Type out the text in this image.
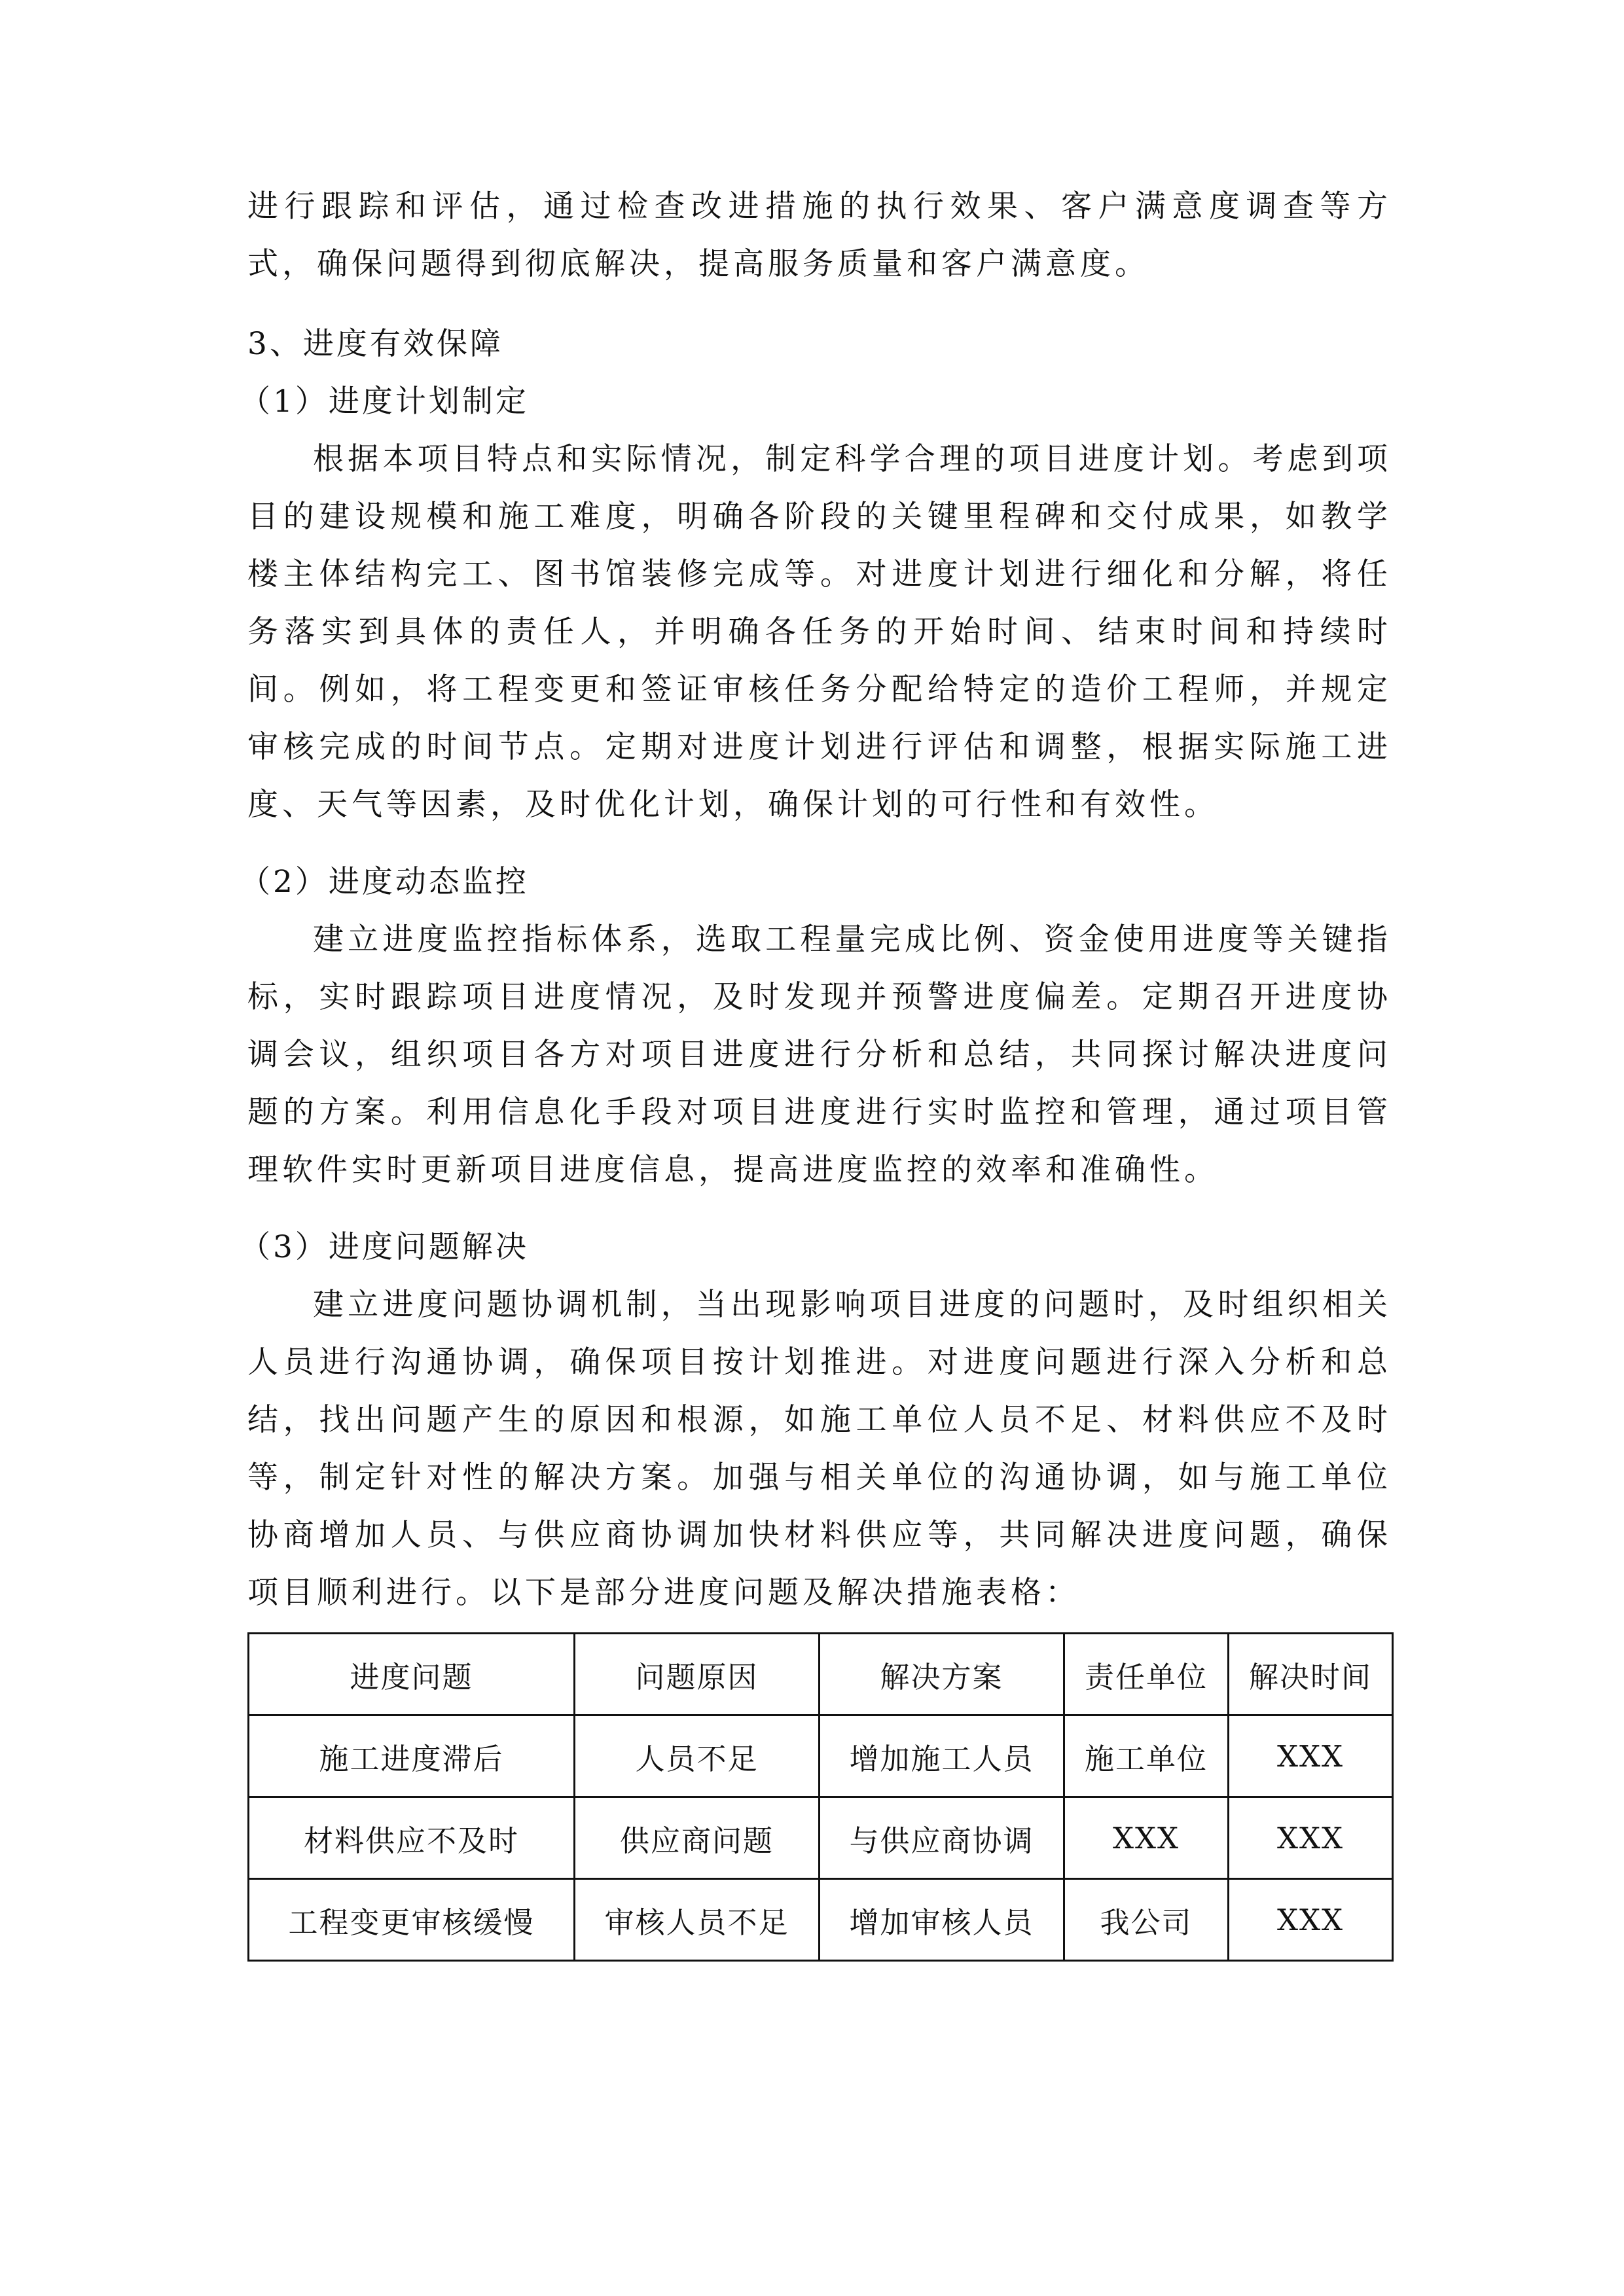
进行跟踪和评估，通过检查改进措施的执行效果、客户满意度调查等方式，确保问题得到彻底解决，提高服务质量和客户满意度。

3、进度有效保障

（1）进度计划制定

根据本项目特点和实际情况，制定科学合理的项目进度计划。考虑到项目的建设规模和施工难度，明确各阶段的关键里程碑和交付成果，如教学楼主体结构完工、图书馆装修完成等。对进度计划进行细化和分解，将任务落实到具体的责任人，并明确各任务的开始时间、结束时间和持续时间。例如，将工程变更和签证审核任务分配给特定的造价工程师，并规定审核完成的时间节点。定期对进度计划进行评估和调整，根据实际施工进度、天气等因素，及时优化计划，确保计划的可行性和有效性。

（2）进度动态监控

建立进度监控指标体系，选取工程量完成比例、资金使用进度等关键指标，实时跟踪项目进度情况，及时发现并预警进度偏差。定期召开进度协调会议，组织项目各方对项目进度进行分析和总结，共同探讨解决进度问题的方案。利用信息化手段对项目进度进行实时监控和管理，通过项目管理软件实时更新项目进度信息，提高进度监控的效率和准确性。

（3）进度问题解决

建立进度问题协调机制，当出现影响项目进度的问题时，及时组织相关人员进行沟通协调，确保项目按计划推进。对进度问题进行深入分析和总结，找出问题产生的原因和根源，如施工单位人员不足、材料供应不及时等，制定针对性的解决方案。加强与相关单位的沟通协调，如与施工单位协商增加人员、与供应商协调加快材料供应等，共同解决进度问题，确保项目顺利进行。以下是部分进度问题及解决措施表格：

进度问题	问题原因	解决方案	责任单位	解决时间
施工进度滞后	人员不足	增加施工人员	施工单位	XXX
材料供应不及时	供应商问题	与供应商协调	XXX	XXX
工程变更审核缓慢	审核人员不足	增加审核人员	我公司	XXX
